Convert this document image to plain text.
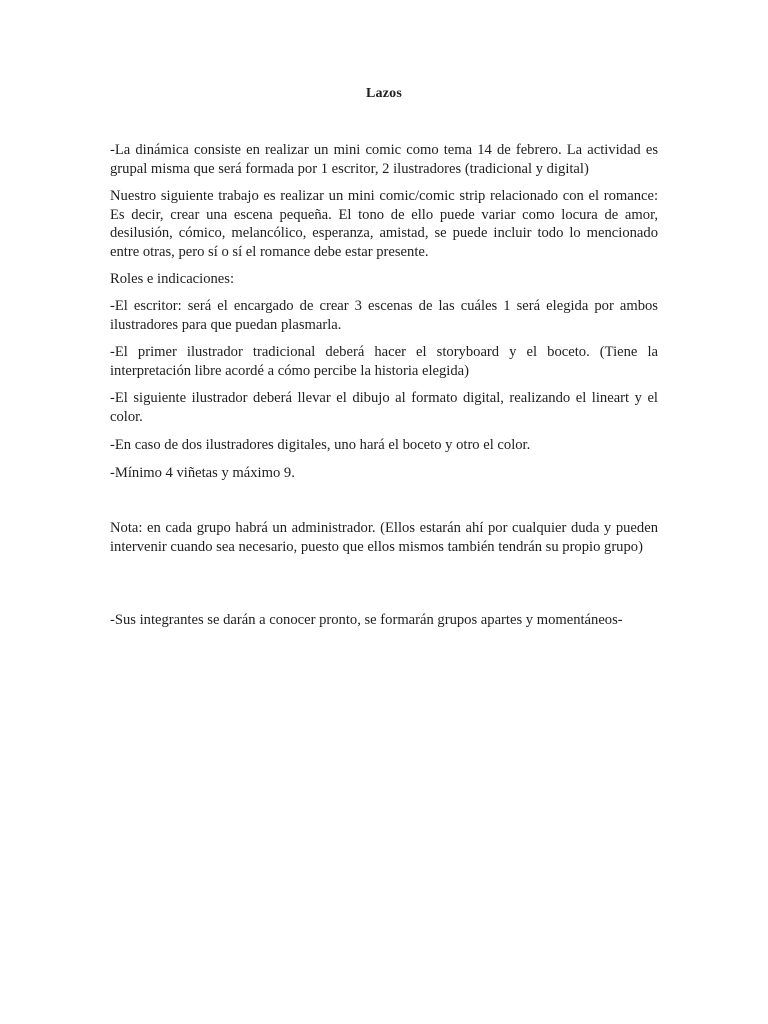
Lazos

-La dinámica consiste en realizar un mini comic como tema 14 de febrero. La actividad es grupal misma que será formada por 1 escritor, 2 ilustradores (tradicional y digital)

Nuestro siguiente trabajo es realizar un mini comic/comic strip relacionado con el romance: Es decir, crear una escena pequeña. El tono de ello puede variar como locura de amor, desilusión, cómico, melancólico, esperanza, amistad, se puede incluir todo lo mencionado entre otras, pero sí o sí el romance debe estar presente.

Roles e indicaciones:

-El escritor: será el encargado de crear 3 escenas de las cuáles 1 será elegida por ambos ilustradores para que puedan plasmarla.

-El primer ilustrador tradicional deberá hacer el storyboard y el boceto. (Tiene la interpretación libre acordé a cómo percibe la historia elegida)

-El siguiente ilustrador deberá llevar el dibujo al formato digital, realizando el lineart y el color.

-En caso de dos ilustradores digitales, uno hará el boceto y otro el color.

-Mínimo 4 viñetas y máximo 9.

Nota: en cada grupo habrá un administrador. (Ellos estarán ahí por cualquier duda y pueden intervenir cuando sea necesario, puesto que ellos mismos también tendrán su propio grupo)

-Sus integrantes se darán a conocer pronto, se formarán grupos apartes y momentáneos-
